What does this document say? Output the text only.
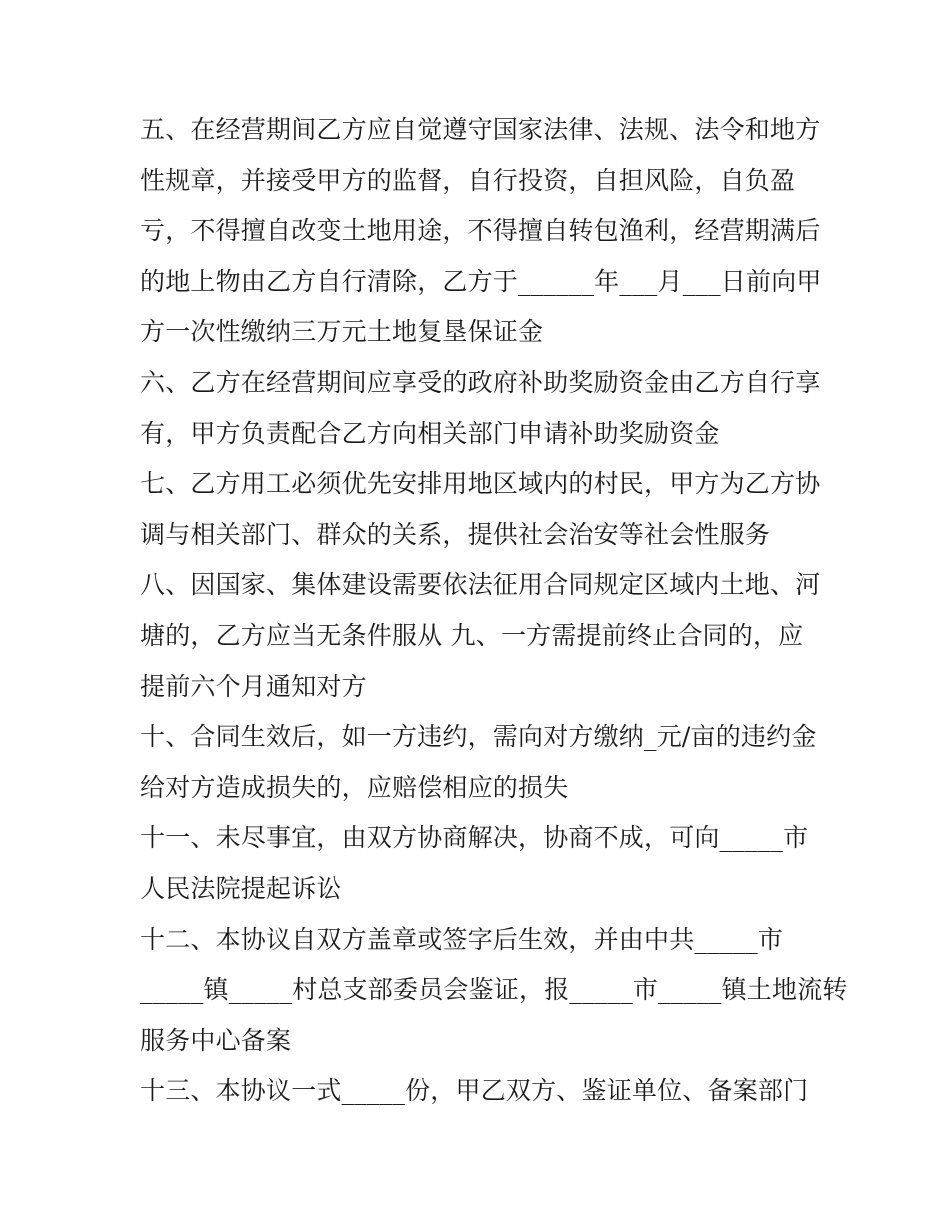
五、在经营期间乙方应自觉遵守国家法律、法规、法令和地方
性规章，并接受甲方的监督，自行投资，自担风险，自负盈
亏，不得擅自改变土地用途，不得擅自转包渔利，经营期满后
的地上物由乙方自行清除，乙方于______年___月___日前向甲
方一次性缴纳三万元土地复垦保证金
六、乙方在经营期间应享受的政府补助奖励资金由乙方自行享
有，甲方负责配合乙方向相关部门申请补助奖励资金
七、乙方用工必须优先安排用地区域内的村民，甲方为乙方协
调与相关部门、群众的关系，提供社会治安等社会性服务
八、因国家、集体建设需要依法征用合同规定区域内土地、河
塘的，乙方应当无条件服从 九、一方需提前终止合同的，应
提前六个月通知对方
十、合同生效后，如一方违约，需向对方缴纳_元/亩的违约金
给对方造成损失的，应赔偿相应的损失
十一、未尽事宜，由双方协商解决，协商不成，可向_____市
人民法院提起诉讼
十二、本协议自双方盖章或签字后生效，并由中共_____市
_____镇_____村总支部委员会鉴证，报_____市_____镇土地流转
服务中心备案
十三、本协议一式_____份，甲乙双方、鉴证单位、备案部门
